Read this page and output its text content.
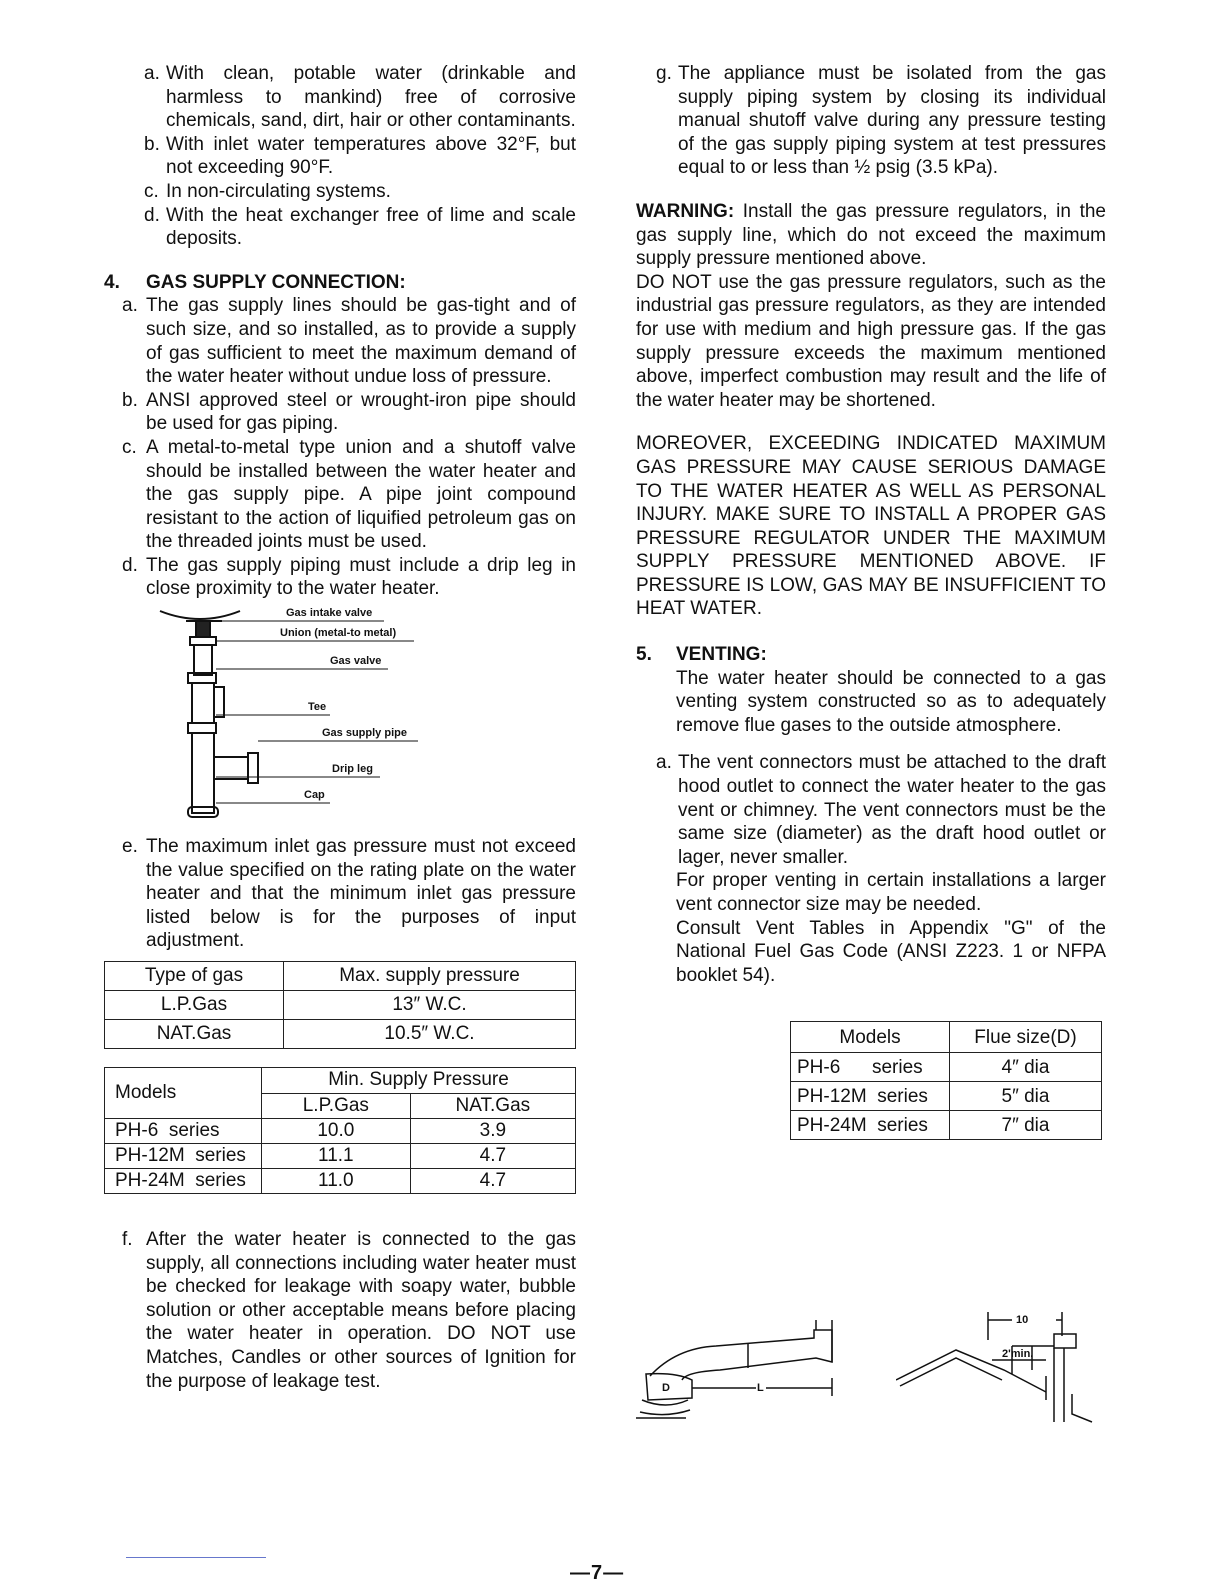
a. With clean, potable water (drinkable and harmless to mankind) free of corrosive chemicals, sand, dirt, hair or other contaminants.
b. With inlet water temperatures above 32°F, but not exceeding 90°F.
c. In non-circulating systems.
d. With the heat exchanger free of lime and scale deposits.

4. GAS SUPPLY CONNECTION:

a. The gas supply lines should be gas-tight and of such size, and so installed, as to provide a supply of gas sufficient to meet the maximum demand of the water heater without undue loss of pressure.
b. ANSI approved steel or wrought-iron pipe should be used for gas piping.
c. A metal-to-metal type union and a shutoff valve should be installed between the water heater and the gas supply pipe. A pipe joint compound resistant to the action of liquified petroleum gas on the threaded joints must be used.
d. The gas supply piping must include a drip leg in close proximity to the water heater.
Gas intake valve
Union (metal-to metal)
Gas valve
Tee
Gas supply pipe
Drip leg
Cap
e. The maximum inlet gas pressure must not exceed the value specified on the rating plate on the water heater and that the minimum inlet gas pressure listed below is for the purposes of input adjustment.
Type of gas	Max. supply pressure
L.P.Gas	13″ W.C.
NAT.Gas	10.5″ W.C.
Models	Min. Supply Pressure	
	L.P.Gas	NAT.Gas
PH-6  series	10.0	3.9
PH-12M  series	11.1	4.7
PH-24M  series	11.0	4.7
f. After the water heater is connected to the gas supply, all connections including water heater must be checked for leakage with soapy water, bubble solution or other acceptable means before placing the water heater in operation. DO NOT use Matches, Candles or other sources of Ignition for the purpose of leakage test.
g. The appliance must be isolated from the gas supply piping system by closing its individual manual shutoff valve during any pressure testing of the gas supply piping system at test pressures equal to or less than ½ psig (3.5 kPa).

WARNING: Install the gas pressure regulators, in the gas supply line, which do not exceed the maximum supply pressure mentioned above.

DO NOT use the gas pressure regulators, such as the industrial gas pressure regulators, as they are intended for use with medium and high pressure gas. If the gas supply pressure exceeds the maximum mentioned above, imperfect combustion may result and the life of the water heater may be shortened.

MOREOVER, EXCEEDING INDICATED MAXIMUM GAS PRESSURE MAY CAUSE SERIOUS DAMAGE TO THE WATER HEATER AS WELL AS PERSONAL INJURY. MAKE SURE TO INSTALL A PROPER GAS PRESSURE REGULATOR UNDER THE MAXIMUM SUPPLY PRESSURE MENTIONED ABOVE. IF PRESSURE IS LOW, GAS MAY BE INSUFFICIENT TO HEAT WATER.

5. VENTING:

The water heater should be connected to a gas venting system constructed so as to adequately remove flue gases to the outside atmosphere.

a. The vent connectors must be attached to the draft hood outlet to connect the water heater to the gas vent or chimney. The vent connectors must be the same size (diameter) as the draft hood outlet or lager, never smaller.

For proper venting in certain installations a larger vent connector size may be needed.

Consult Vent Tables in Appendix "G" of the National Fuel Gas Code (ANSI Z223. 1 or NFPA booklet 54).

Models	Flue size(D)
PH-6      series	4″ dia
PH-12M  series	5″ dia
PH-24M  series	7″ dia
D	L
10
2'min.
—7—
